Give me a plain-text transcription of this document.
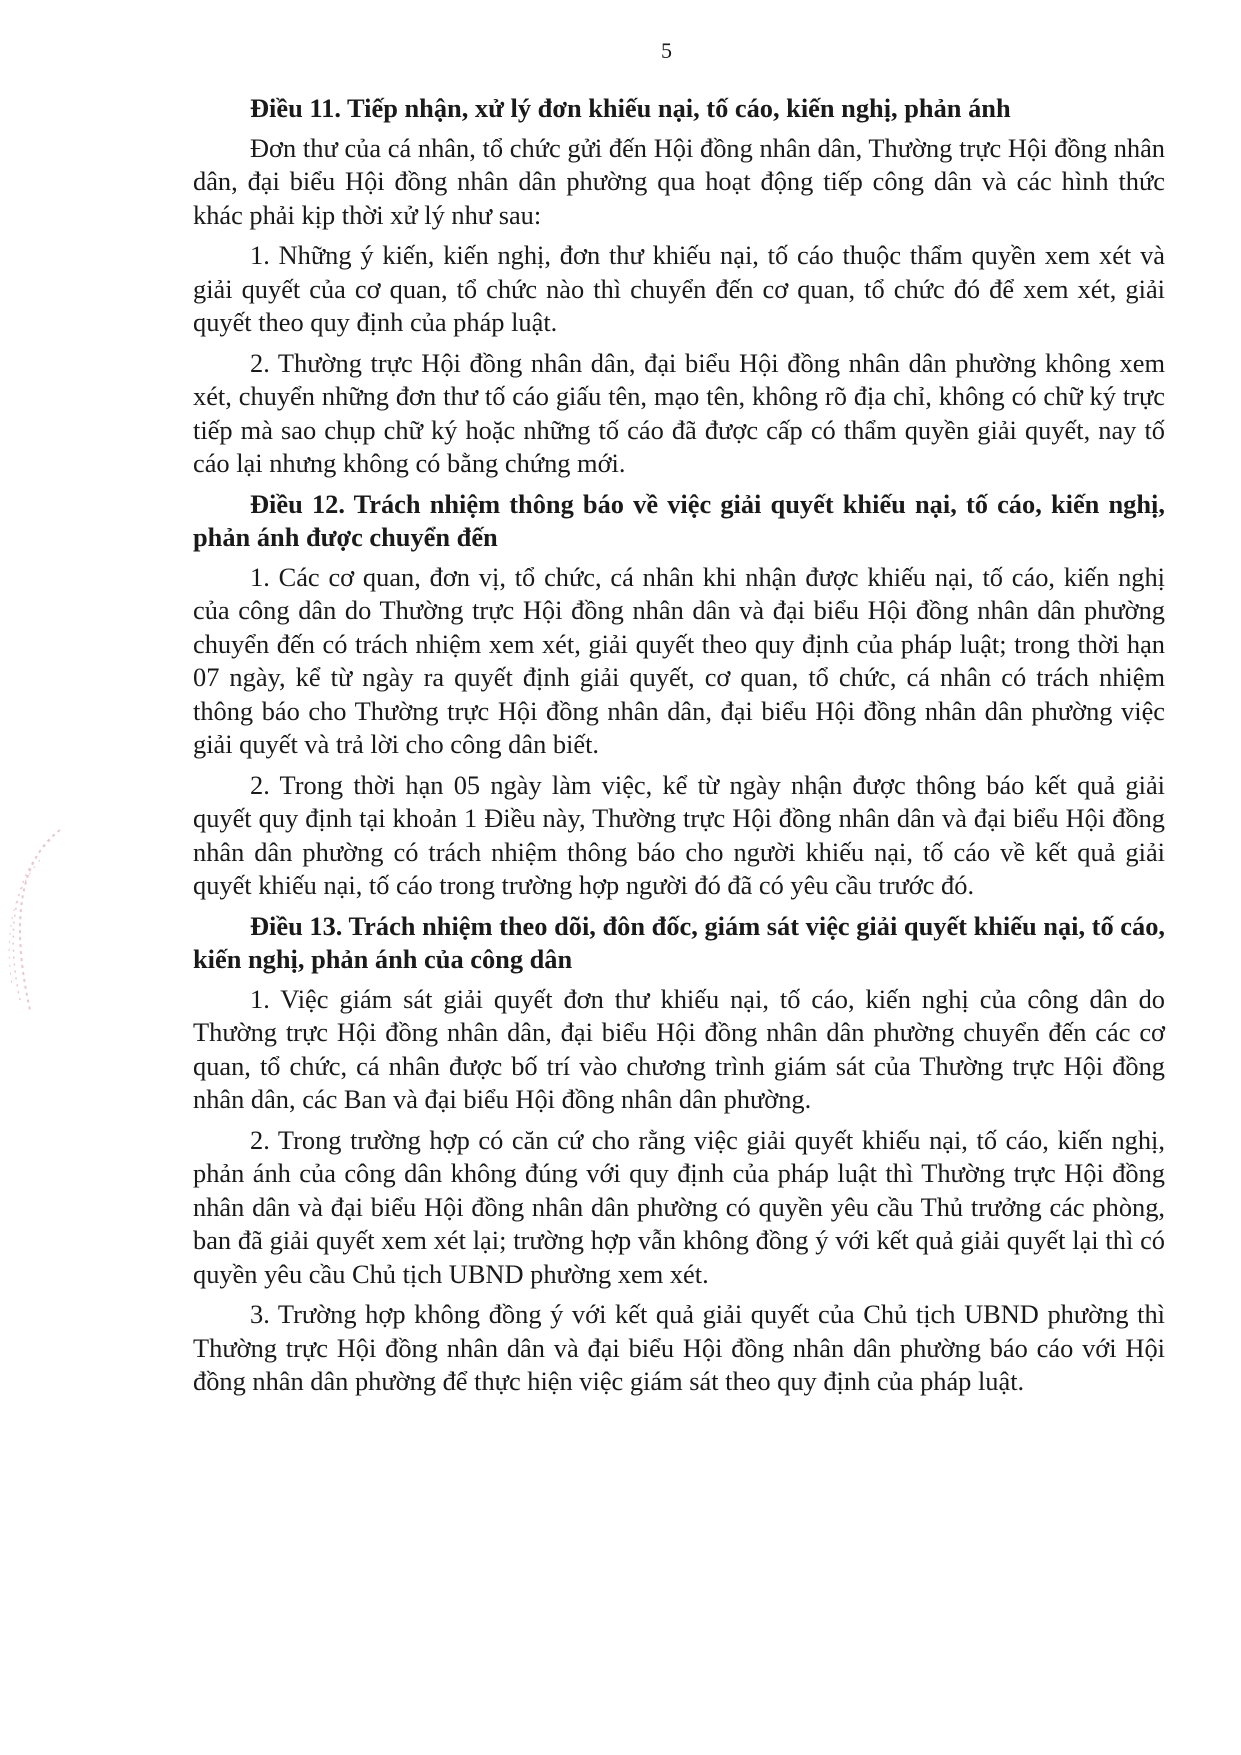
5

Điều 11. Tiếp nhận, xử lý đơn khiếu nại, tố cáo, kiến nghị, phản ánh

Đơn thư của cá nhân, tổ chức gửi đến Hội đồng nhân dân, Thường trực Hội đồng nhân dân, đại biểu Hội đồng nhân dân phường qua hoạt động tiếp công dân và các hình thức khác phải kịp thời xử lý như sau:

1. Những ý kiến, kiến nghị, đơn thư khiếu nại, tố cáo thuộc thẩm quyền xem xét và giải quyết của cơ quan, tổ chức nào thì chuyển đến cơ quan, tổ chức đó để xem xét, giải quyết theo quy định của pháp luật.

2. Thường trực Hội đồng nhân dân, đại biểu Hội đồng nhân dân phường không xem xét, chuyển những đơn thư tố cáo giấu tên, mạo tên, không rõ địa chỉ, không có chữ ký trực tiếp mà sao chụp chữ ký hoặc những tố cáo đã được cấp có thẩm quyền giải quyết, nay tố cáo lại nhưng không có bằng chứng mới.

Điều 12. Trách nhiệm thông báo về việc giải quyết khiếu nại, tố cáo, kiến nghị, phản ánh được chuyển đến

1. Các cơ quan, đơn vị, tổ chức, cá nhân khi nhận được khiếu nại, tố cáo, kiến nghị của công dân do Thường trực Hội đồng nhân dân và đại biểu Hội đồng nhân dân phường chuyển đến có trách nhiệm xem xét, giải quyết theo quy định của pháp luật; trong thời hạn 07 ngày, kể từ ngày ra quyết định giải quyết, cơ quan, tổ chức, cá nhân có trách nhiệm thông báo cho Thường trực Hội đồng nhân dân, đại biểu Hội đồng nhân dân phường việc giải quyết và trả lời cho công dân biết.

2. Trong thời hạn 05 ngày làm việc, kể từ ngày nhận được thông báo kết quả giải quyết quy định tại khoản 1 Điều này, Thường trực Hội đồng nhân dân và đại biểu Hội đồng nhân dân phường có trách nhiệm thông báo cho người khiếu nại, tố cáo về kết quả giải quyết khiếu nại, tố cáo trong trường hợp người đó đã có yêu cầu trước đó.

Điều 13. Trách nhiệm theo dõi, đôn đốc, giám sát việc giải quyết khiếu nại, tố cáo, kiến nghị, phản ánh của công dân

1. Việc giám sát giải quyết đơn thư khiếu nại, tố cáo, kiến nghị của công dân do Thường trực Hội đồng nhân dân, đại biểu Hội đồng nhân dân phường chuyển đến các cơ quan, tổ chức, cá nhân được bố trí vào chương trình giám sát của Thường trực Hội đồng nhân dân, các Ban và đại biểu Hội đồng nhân dân phường.

2. Trong trường hợp có căn cứ cho rằng việc giải quyết khiếu nại, tố cáo, kiến nghị, phản ánh của công dân không đúng với quy định của pháp luật thì Thường trực Hội đồng nhân dân và đại biểu Hội đồng nhân dân phường có quyền yêu cầu Thủ trưởng các phòng, ban đã giải quyết xem xét lại; trường hợp vẫn không đồng ý với kết quả giải quyết lại thì có quyền yêu cầu Chủ tịch UBND phường xem xét.

3. Trường hợp không đồng ý với kết quả giải quyết của Chủ tịch UBND phường thì Thường trực Hội đồng nhân dân và đại biểu Hội đồng nhân dân phường báo cáo với Hội đồng nhân dân phường để thực hiện việc giám sát theo quy định của pháp luật.
